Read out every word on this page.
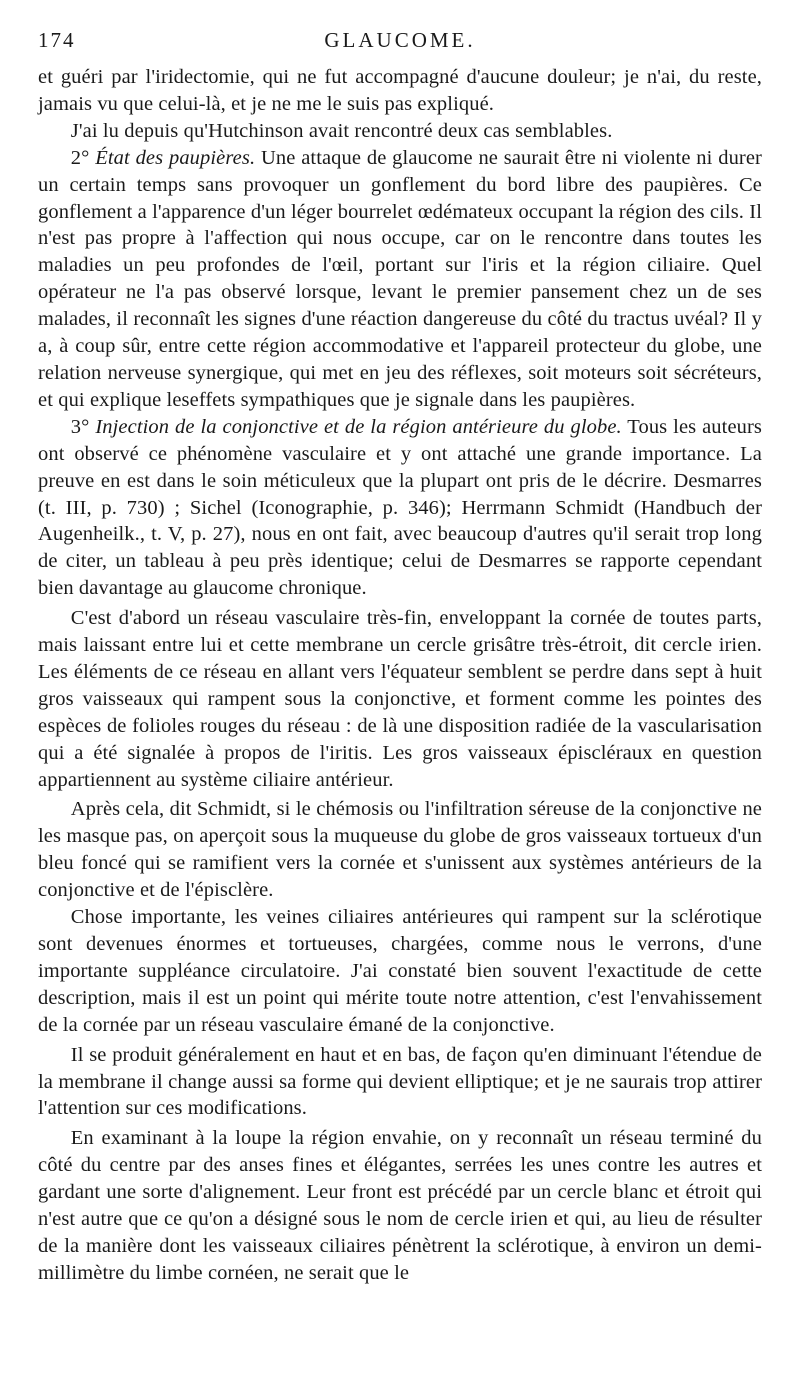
174	GLAUCOME.

et guéri par l'iridectomie, qui ne fut accompagné d'aucune douleur; je n'ai, du reste, jamais vu que celui-là, et je ne me le suis pas expliqué.

J'ai lu depuis qu'Hutchinson avait rencontré deux cas semblables.

2° État des paupières. Une attaque de glaucome ne saurait être ni violente ni durer un certain temps sans provoquer un gonflement du bord libre des paupières. Ce gonflement a l'apparence d'un léger bourrelet œdémateux occupant la région des cils. Il n'est pas propre à l'affection qui nous occupe, car on le rencontre dans toutes les maladies un peu profondes de l'œil, portant sur l'iris et la région ciliaire. Quel opérateur ne l'a pas observé lorsque, levant le premier pansement chez un de ses malades, il reconnaît les signes d'une réaction dangereuse du côté du tractus uvéal? Il y a, à coup sûr, entre cette région accommodative et l'appareil protecteur du globe, une relation nerveuse synergique, qui met en jeu des réflexes, soit moteurs soit sécréteurs, et qui explique leseffets sympathiques que je signale dans les paupières.

3° Injection de la conjonctive et de la région antérieure du globe. Tous les auteurs ont observé ce phénomène vasculaire et y ont attaché une grande importance. La preuve en est dans le soin méticuleux que la plupart ont pris de le décrire. Desmarres (t. III, p. 730) ; Sichel (Iconographie, p. 346); Herrmann Schmidt (Handbuch der Augenheilk., t. V, p. 27), nous en ont fait, avec beaucoup d'autres qu'il serait trop long de citer, un tableau à peu près identique; celui de Desmarres se rapporte cependant bien davantage au glaucome chronique.

C'est d'abord un réseau vasculaire très-fin, enveloppant la cornée de toutes parts, mais laissant entre lui et cette membrane un cercle grisâtre très-étroit, dit cercle irien. Les éléments de ce réseau en allant vers l'équateur semblent se perdre dans sept à huit gros vaisseaux qui rampent sous la conjonctive, et forment comme les pointes des espèces de folioles rouges du réseau : de là une disposition radiée de la vascularisation qui a été signalée à propos de l'iritis. Les gros vaisseaux épiscléraux en question appartiennent au système ciliaire antérieur.

Après cela, dit Schmidt, si le chémosis ou l'infiltration séreuse de la conjonctive ne les masque pas, on aperçoit sous la muqueuse du globe de gros vaisseaux tortueux d'un bleu foncé qui se ramifient vers la cornée et s'unissent aux systèmes antérieurs de la conjonctive et de l'épisclère.

Chose importante, les veines ciliaires antérieures qui rampent sur la sclérotique sont devenues énormes et tortueuses, chargées, comme nous le verrons, d'une importante suppléance circulatoire. J'ai constaté bien souvent l'exactitude de cette description, mais il est un point qui mérite toute notre attention, c'est l'envahissement de la cornée par un réseau vasculaire émané de la conjonctive.

Il se produit généralement en haut et en bas, de façon qu'en diminuant l'étendue de la membrane il change aussi sa forme qui devient elliptique; et je ne saurais trop attirer l'attention sur ces modifications.

En examinant à la loupe la région envahie, on y reconnaît un réseau terminé du côté du centre par des anses fines et élégantes, serrées les unes contre les autres et gardant une sorte d'alignement. Leur front est précédé par un cercle blanc et étroit qui n'est autre que ce qu'on a désigné sous le nom de cercle irien et qui, au lieu de résulter de la manière dont les vaisseaux ciliaires pénètrent la sclérotique, à environ un demi-millimètre du limbe cornéen, ne serait que le
